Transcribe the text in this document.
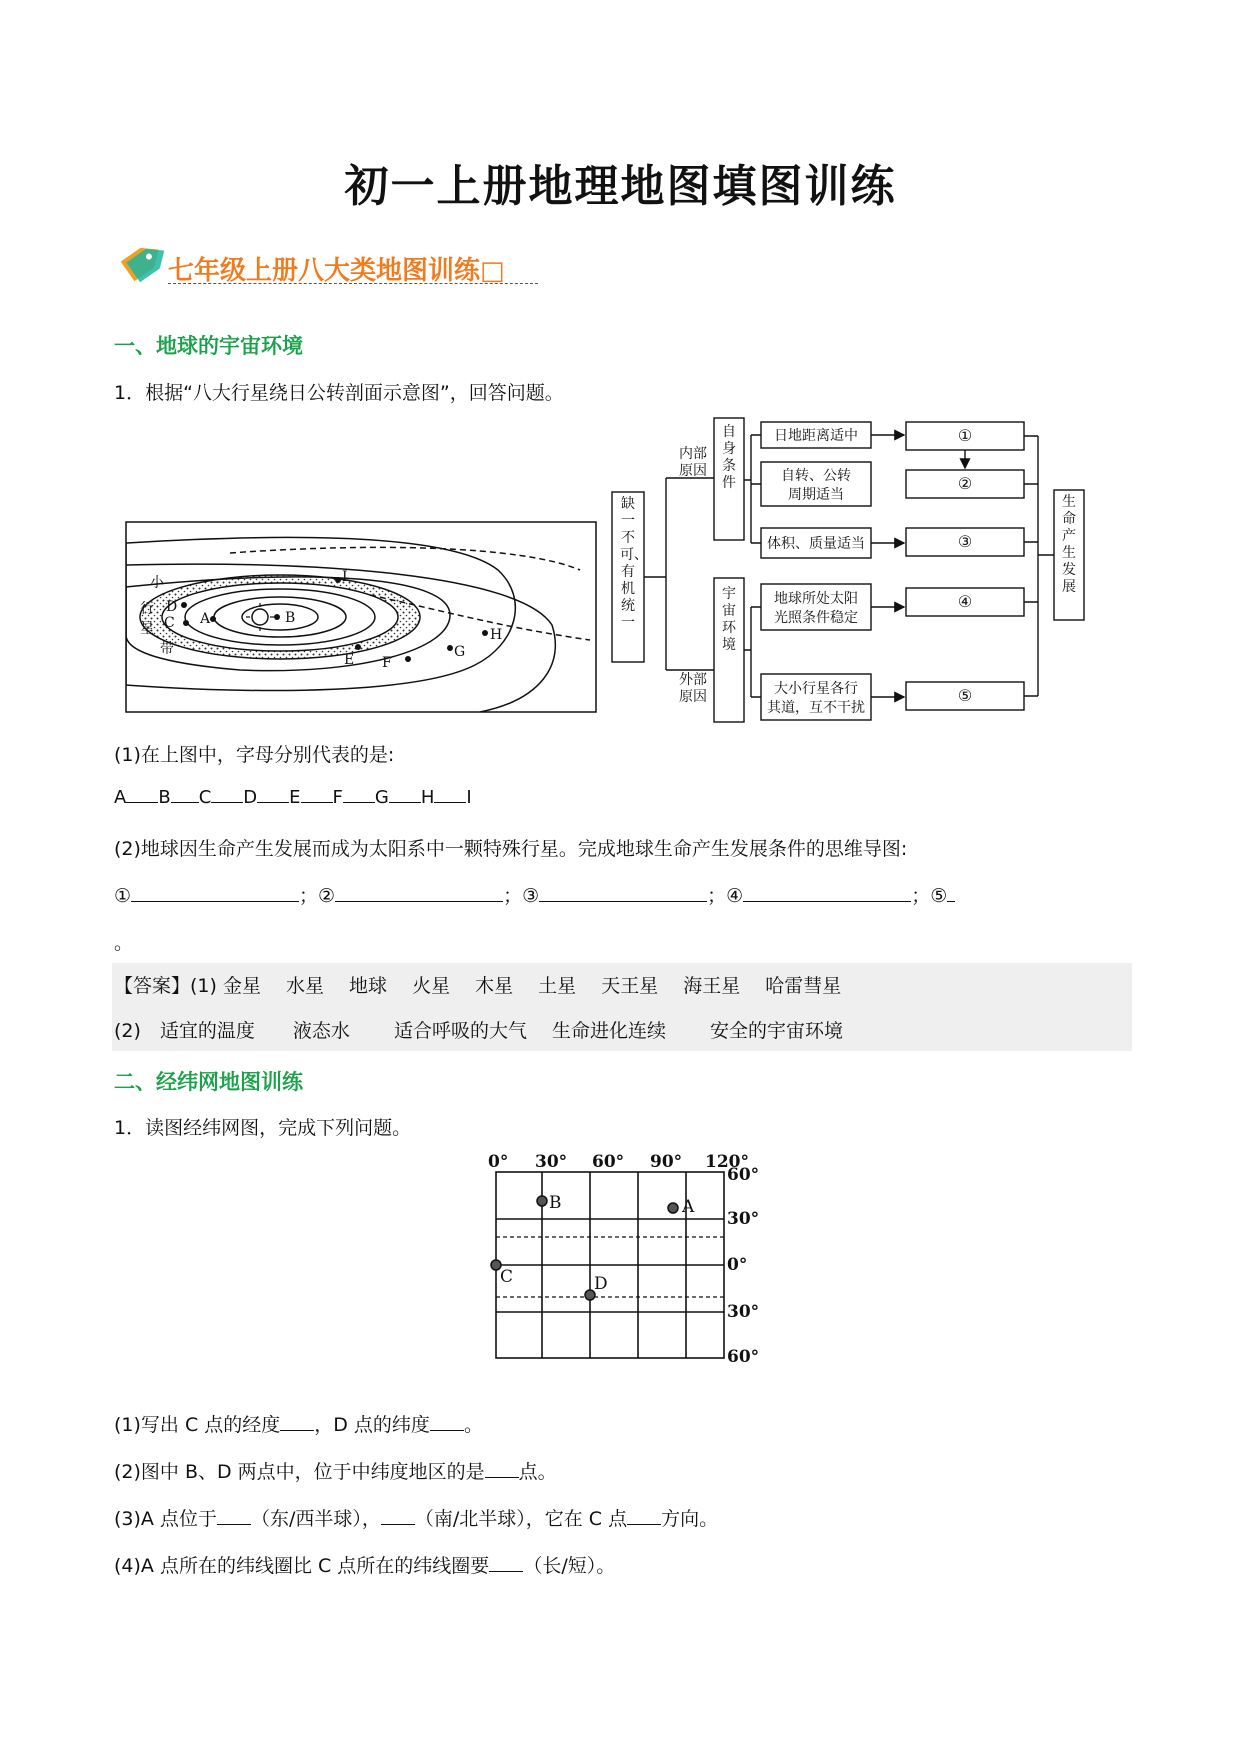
初一上册地理地图填图训练
七年级上册八大类地图训练□
一、地球的宇宙环境
1．根据“八大行星绕日公转剖面示意图”，回答问题。
小
行
星
带
A	B
C
D
E F
G
H
I
缺一不可、有机统一
内部原因
外部原因
自身条件
宇宙环境
生命产生发展
日地距离适中
自转、公转
周期适当
体积、质量适当
地球所处太阳
光照条件稳定
大小行星各行
其道，互不干扰
①
②
③
④
⑤
(1)在上图中，字母分别代表的是:
A B C D E F G H I
(2)地球因生命产生发展而成为太阳系中一颗特殊行星。完成地球生命产生发展条件的思维导图:
①	；②	；③	；④	；⑤
。
【答案】(1) 金星　 水星　 地球　 火星　 木星　 土星　 天王星　 海王星　 哈雷彗星
(2)　适宜的温度　　液态水　　 适合呼吸的大气　 生命进化连续　　 安全的宇宙环境
二、经纬网地图训练
1．读图经纬网图，完成下列问题。
0° 30° 60° 90° 120°
60°
30°
0°
30°
60°
A
B
C	D
(1)写出 C 点的经度 ，D 点的纬度 。
(2)图中 B、D 两点中，位于中纬度地区的是 点。
(3)A 点位于 （东/西半球）， （南/北半球），它在 C 点 方向。
(4)A 点所在的纬线圈比 C 点所在的纬线圈要 （长/短）。
